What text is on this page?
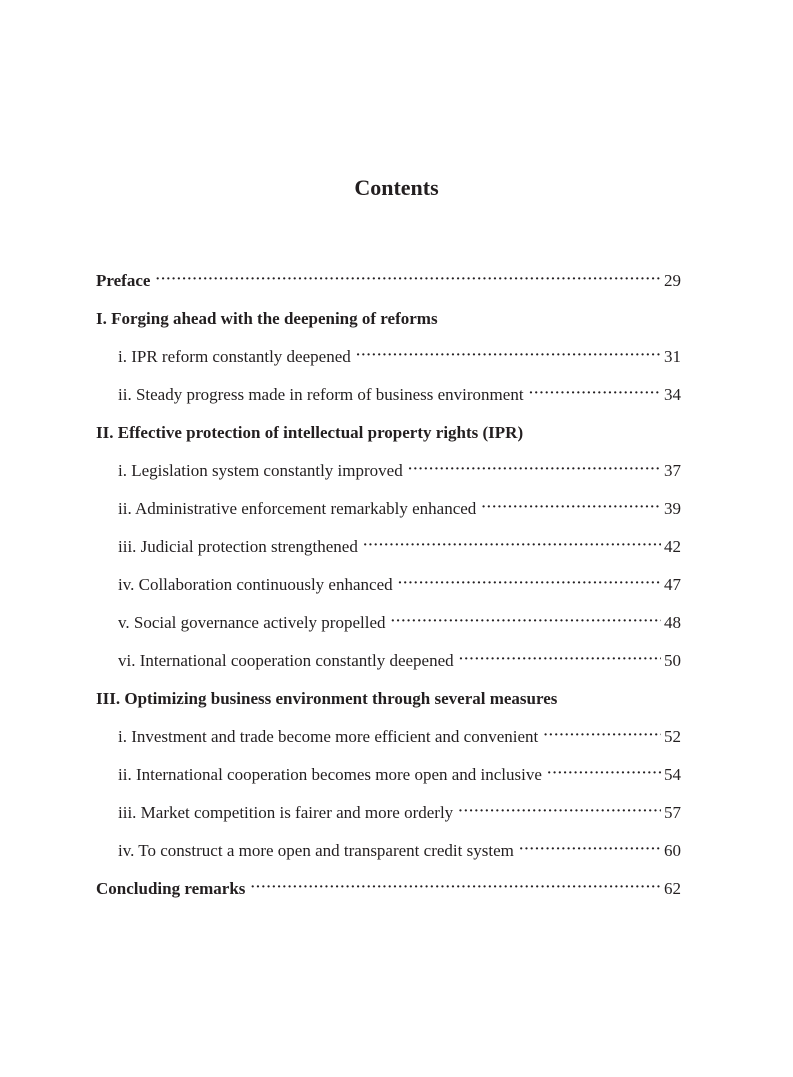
Contents
Preface ·····	29
I. Forging ahead with the deepening of reforms
i. IPR reform constantly deepened ·····	31
ii. Steady progress made in reform of business environment ·····	34
II. Effective protection of intellectual property rights (IPR)
i. Legislation system constantly improved ·····	37
ii. Administrative enforcement remarkably enhanced ·····	39
iii. Judicial protection strengthened ·····	42
iv. Collaboration continuously enhanced ·····	47
v. Social governance actively propelled ·····	48
vi. International cooperation constantly deepened ·····	50
III. Optimizing business environment through several measures
i. Investment and trade become more efficient and convenient ·····	52
ii. International cooperation becomes more open and inclusive ·····	54
iii. Market competition is fairer and more orderly ·····	57
iv. To construct a more open and transparent credit system ·····	60
Concluding remarks ·····	62
